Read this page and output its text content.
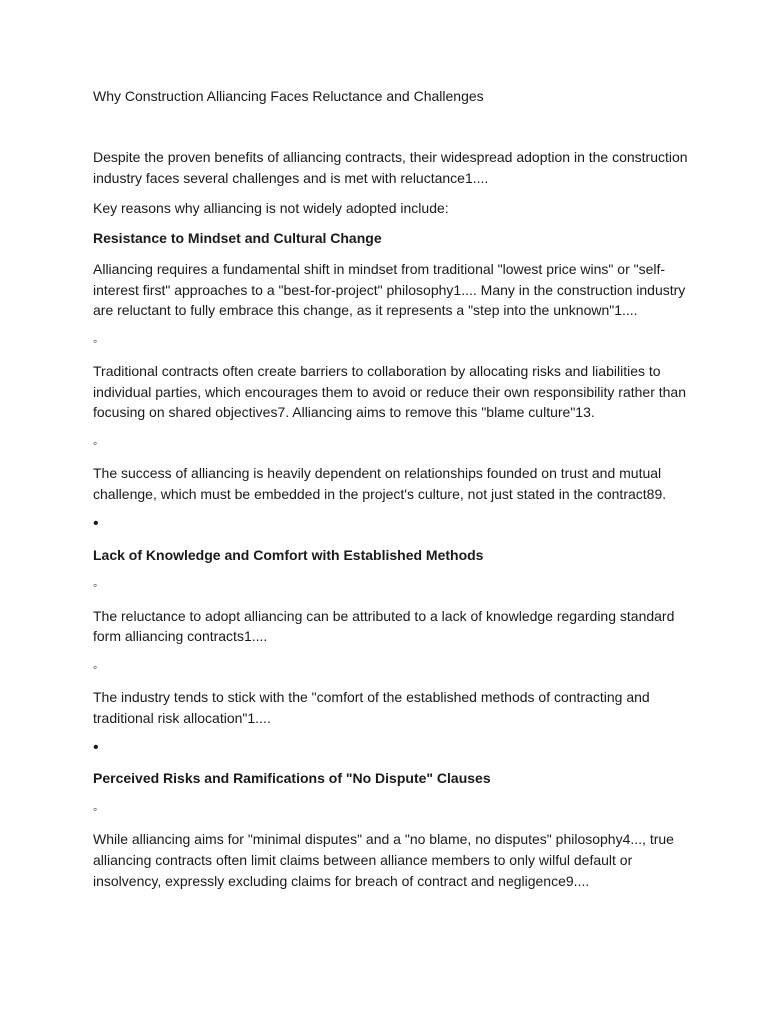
Why Construction Alliancing Faces Reluctance and Challenges

Despite the proven benefits of alliancing contracts, their widespread adoption in the construction industry faces several challenges and is met with reluctance1....

Key reasons why alliancing is not widely adopted include:

Resistance to Mindset and Cultural Change

Alliancing requires a fundamental shift in mindset from traditional "lowest price wins" or "self-interest first" approaches to a "best-for-project" philosophy1.... Many in the construction industry are reluctant to fully embrace this change, as it represents a "step into the unknown"1....

◦

Traditional contracts often create barriers to collaboration by allocating risks and liabilities to individual parties, which encourages them to avoid or reduce their own responsibility rather than focusing on shared objectives7. Alliancing aims to remove this "blame culture"13.

◦

The success of alliancing is heavily dependent on relationships founded on trust and mutual challenge, which must be embedded in the project's culture, not just stated in the contract89.

•

Lack of Knowledge and Comfort with Established Methods

◦

The reluctance to adopt alliancing can be attributed to a lack of knowledge regarding standard form alliancing contracts1....

◦

The industry tends to stick with the "comfort of the established methods of contracting and traditional risk allocation"1....

•

Perceived Risks and Ramifications of "No Dispute" Clauses

◦

While alliancing aims for "minimal disputes" and a "no blame, no disputes" philosophy4..., true alliancing contracts often limit claims between alliance members to only wilful default or insolvency, expressly excluding claims for breach of contract and negligence9....
